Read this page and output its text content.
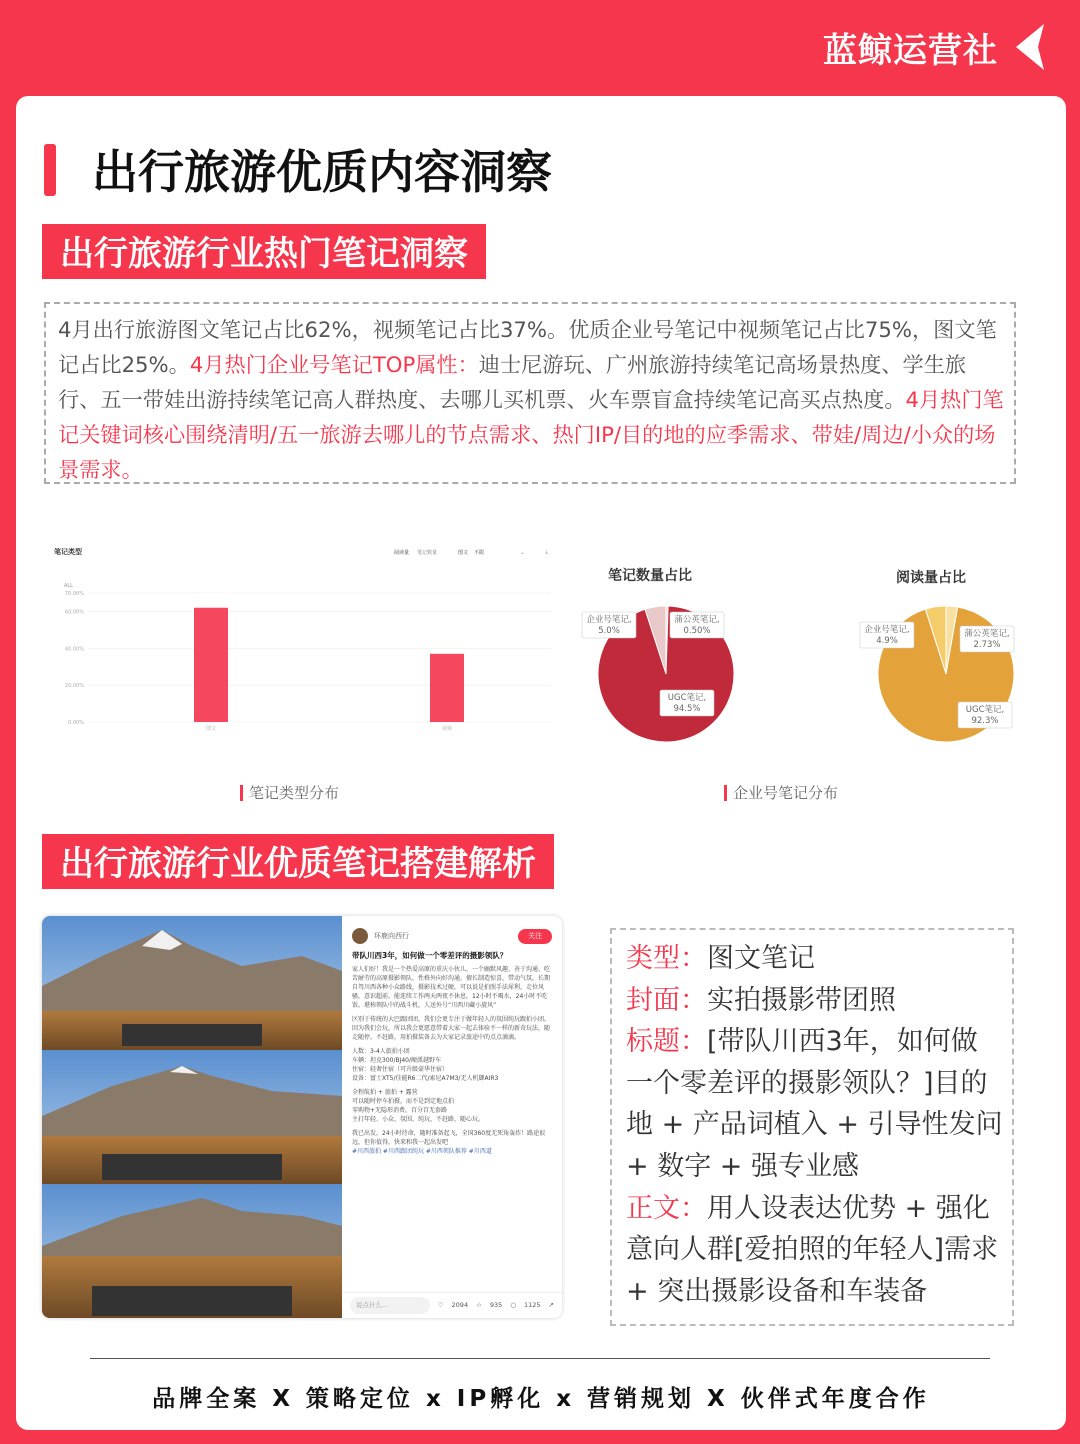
蓝鲸运营社
出行旅游优质内容洞察
出行旅游行业热门笔记洞察
4月出行旅游图文笔记占比62%，视频笔记占比37%。优质企业号笔记中视频笔记占比75%，图文笔记占比25%。4月热门企业号笔记TOP属性：迪士尼游玩、广州旅游持续笔记高场景热度、学生旅行、五一带娃出游持续笔记高人群热度、去哪儿买机票、火车票盲盒持续笔记高买点热度。4月热门笔记关键词核心围绕清明/五一旅游去哪儿的节点需求、热门IP/目的地的应季需求、带娃/周边/小众的场景需求。
笔记类型	阅读量 笔记数量	图文 不限	⌄	⇣
ALL
0.00%
20.00%
40.00%
60.00%
70.00%
图文	视频
笔记数量占比	阅读量占比
企业号笔记,
5.0%
蒲公英笔记,
0.50%
UGC笔记,
94.5%
企业号笔记,
4.9%
蒲公英笔记,
2.73%
UGC笔记,
92.3%
笔记类型分布	企业号笔记分布
出行旅游行业优质笔记搭建解析
环鹿向西行	关注
带队川西3年，如何做一个零差评的摄影领队？
家人们好！我是一个热爱高原的重庆小伙儿，一个幽默风趣、善于沟通、吃苦耐劳的高原摄影领队，性格外向好沟通，擅长制造惊喜，带动气氛。长期自驾川西各种小众路线，摄影技术过硬，可以说是拍照手法犀利，走位风骚，意识超前。能连续工作两天两夜不休息，12小时不喝水，24小时不吃饭。堪称领队中的战斗机，人送外号“川西川藏小旋风”
区别于传统的大巴跟团团，我们会更专注于做年轻人的氛围纯玩跟拍小团。因为我们会玩，所以我会更愿意带着大家一起去体验不一样的新奇玩法，随走随停，不赶路，用拍摄装备去为大家记录旅途中的点点滴滴。
人数：3-4人旅拍小团
车辆：坦克300/BJ40/硬派越野车
住宿：轻奢住宿（可升级豪华住宿）
设备：富士XT5/佳能R6二代/索尼A7M3/无人机御AIR3
全程航拍 + 旅拍 + 露营
可以随时停车拍摄，而不是到定地点拍
零购物+无隐形消费，百分百无套路
主打年轻、小众、氛围、纯玩、不赶路、随心玩。
我已出发，24小时待命，随时准备起飞，全国360度无死角轰炸！路途很远，但你值得，快来和我一起出发吧
#川西旅拍 #川西跟团纯玩 #川西领队推荐 #川西道
说点什么...	♡ 2094 ☆ 935 ○ 1125 ↗
类型：图文笔记
封面：实拍摄影带团照
标题：[带队川西3年，如何做一个零差评的摄影领队？]目的地 + 产品词植入 + 引导性发问 + 数字 + 强专业感
正文：用人设表达优势 + 强化意向人群[爱拍照的年轻人]需求 + 突出摄影设备和车装备
品牌全案 X 策略定位 x IP孵化 x 营销规划 X 伙伴式年度合作
